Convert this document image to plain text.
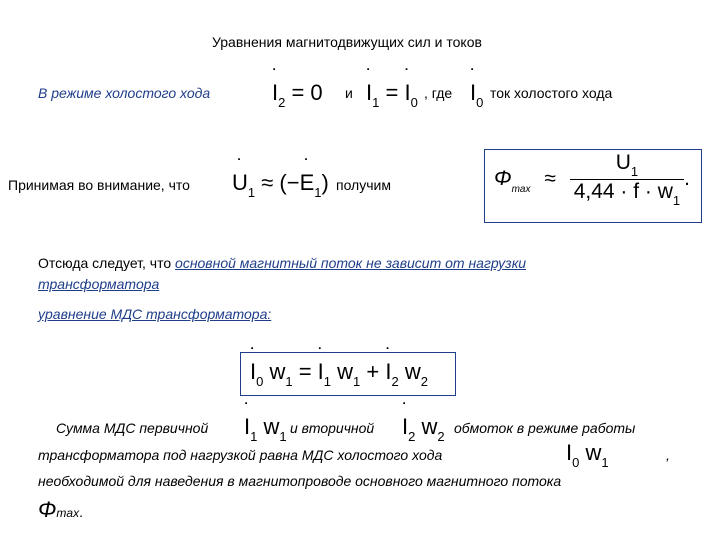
Уравнения магнитодвижущих сил и токов
В режиме холостого хода	˙ $I_2 = 0$ и ˙ $I_1$ = ˙ $I_0$
, где ˙ $I_0$
ток холостого хода
Принимая во внимание, что ˙ $U_1$ ≈ (−˙ $E_1$) получим	$\Phi_{max} \approx \frac{U_1}{4,44 \cdot f \cdot w_1}$ .
Отсюда следует, что основной магнитный поток не зависит от нагрузки
трансформатора
уравнение МДС трансформатора:
˙ $I_0$ $w_1$ = ˙ $I_1$ $w_1$ + ˙ $I_2$ $w_2$
Сумма МДС первичной ˙ $I_1$ $w_1$
и вторичной ˙ $I_2$ $w_2$
обмоток в режиме работы
трансформатора под нагрузкой равна МДС холостого хода	˙ $I_0$ $w_1$	,
необходимой для наведения в магнитопроводе основного магнитного потока
Φmax.
